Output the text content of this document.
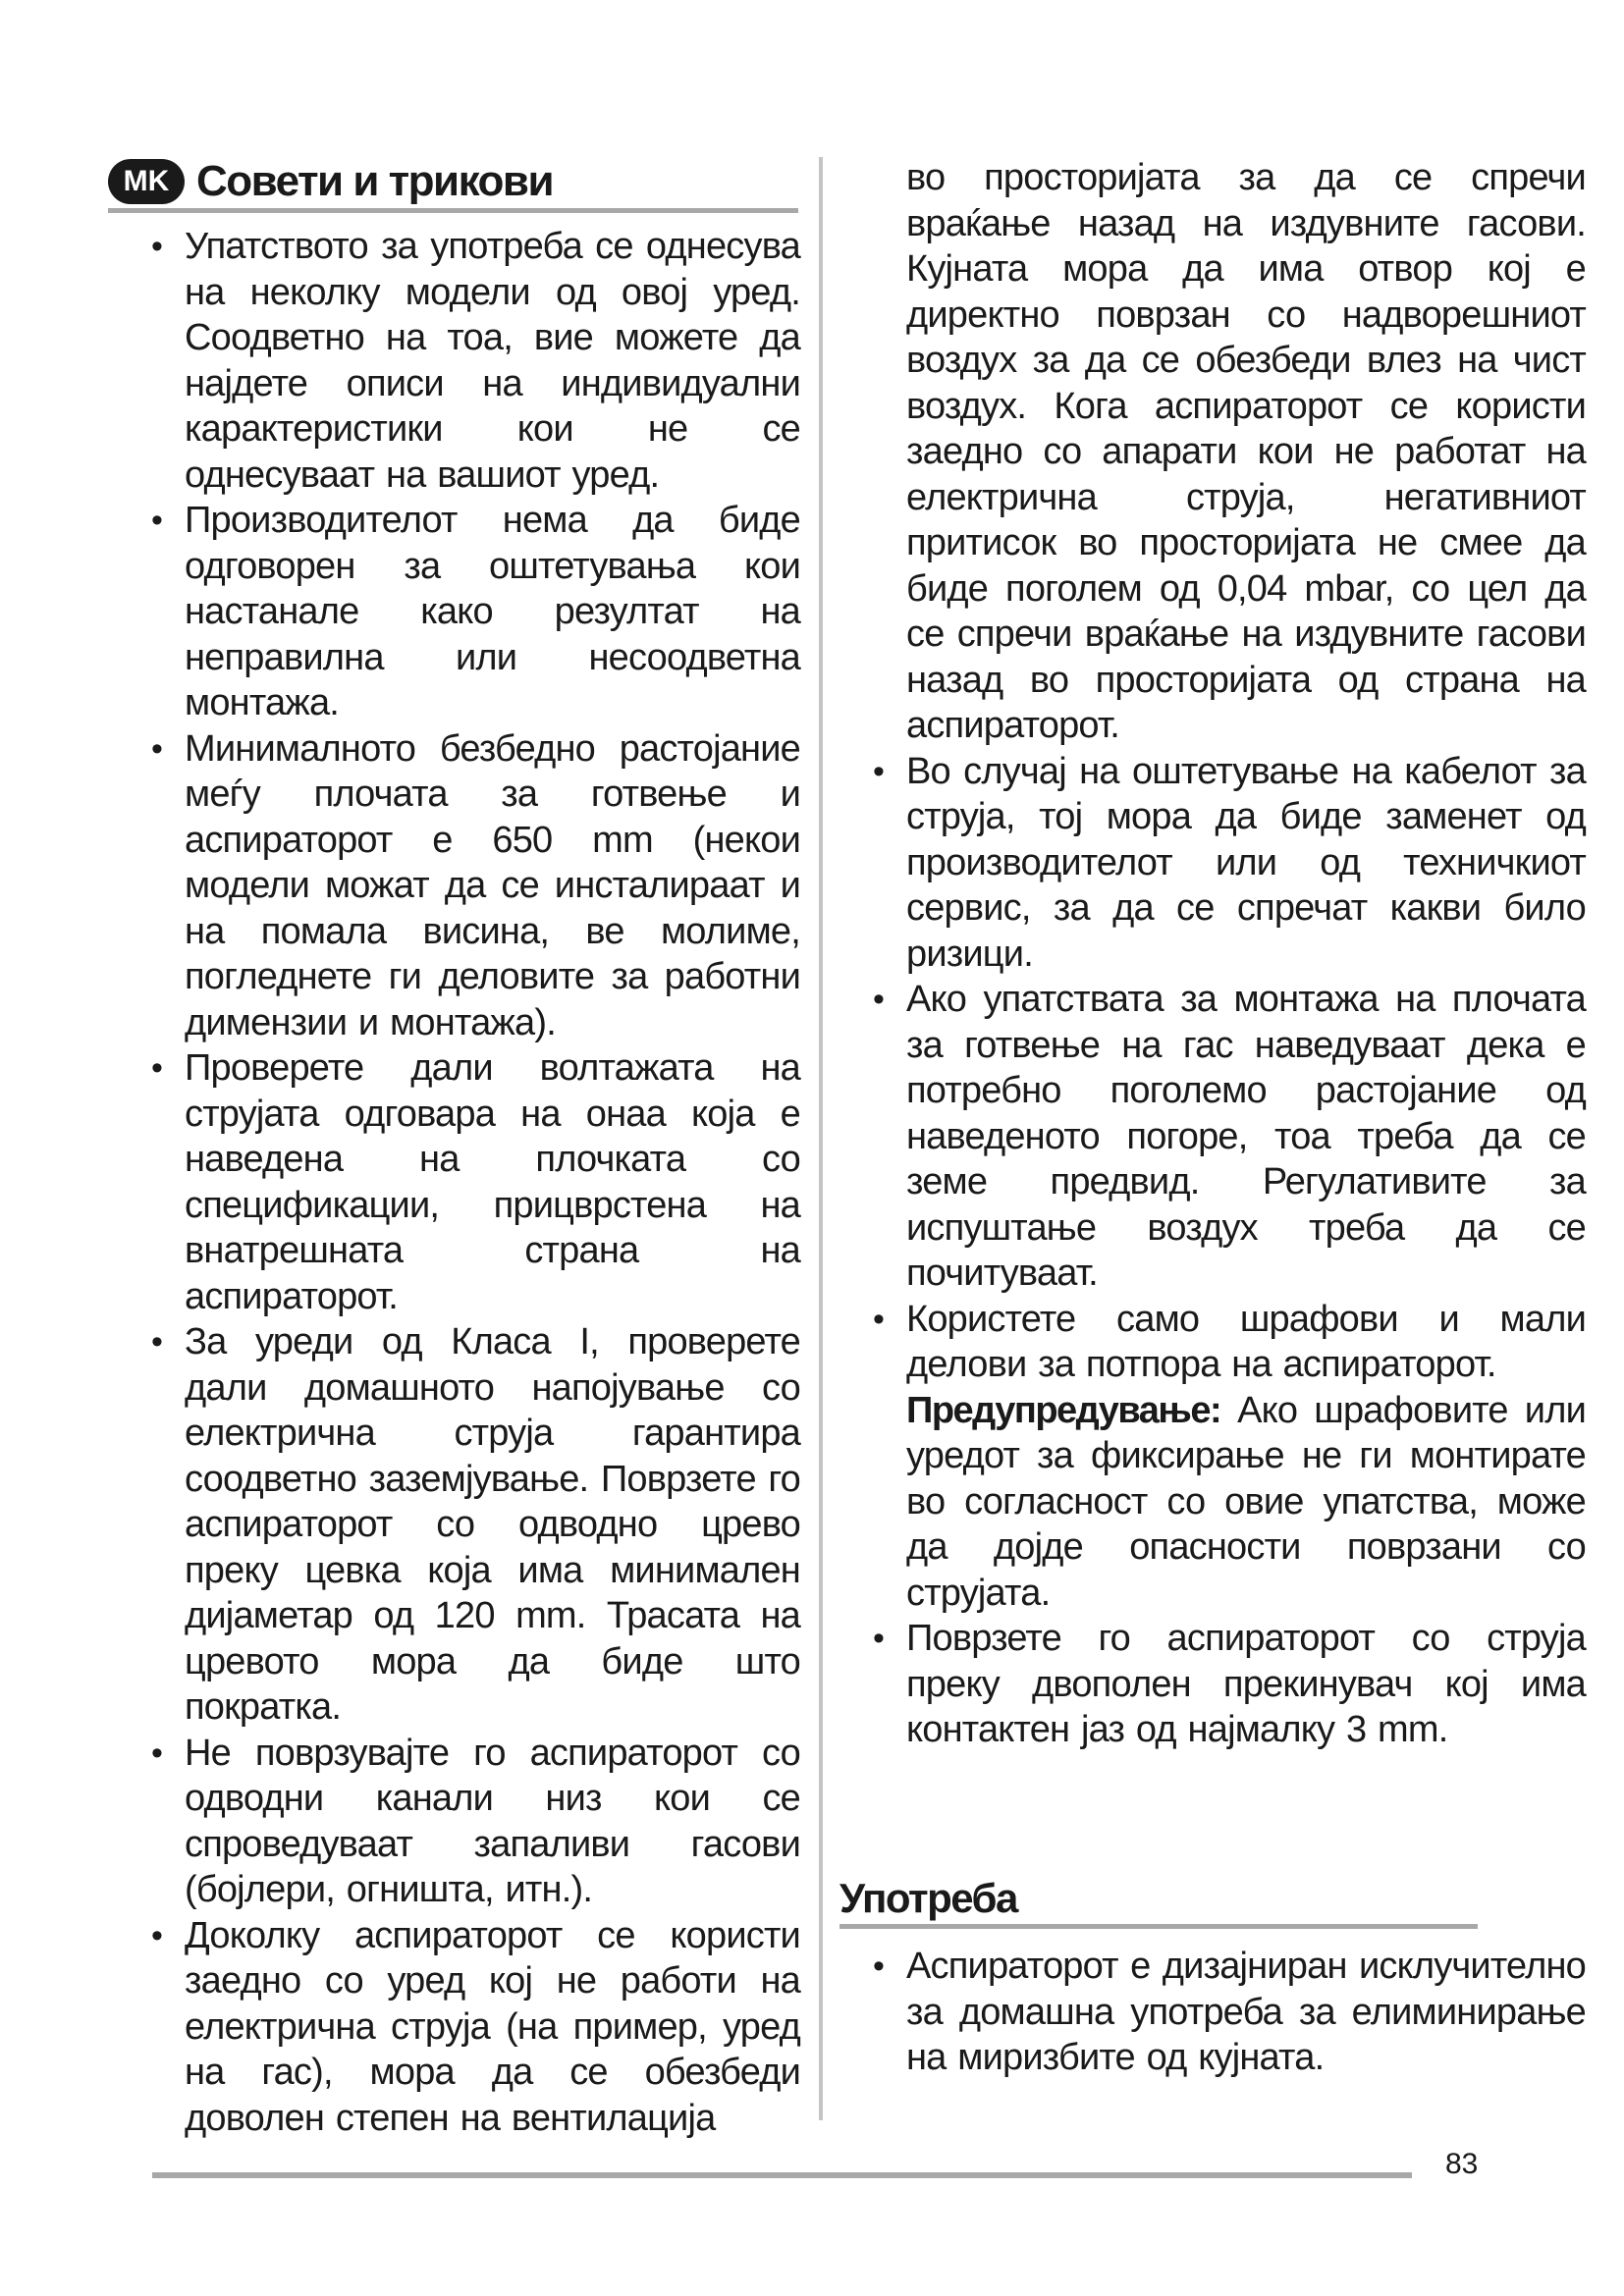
MK Совети и трикови
• Упатството за употреба се однесува на неколку модели од овој уред. Соодветно на тоа, вие можете да најдете описи на индивидуални карактеристики кои не се однесуваат на вашиот уред.
• Производителот нема да биде одговорен за оштетувања кои настанале како резултат на неправилна или несоодветна монтажа.
• Минималното безбедно растојание меѓу плочата за готвење и аспираторот е 650 mm (некои модели можат да се инсталираат и на помала висина, ве молиме, погледнете ги деловите за работни димензии и монтажа).
• Проверете дали волтажата на струјата одговара на онаа која е наведена на плочката со спецификации, прицврстена на внатрешната страна на аспираторот.
• За уреди од Класа I, проверете дали домашното напојување со електрична струја гарантира соодветно заземјување. Поврзете го аспираторот со одводно црево преку цевка која има минимален дијаметар од 120 mm. Трасата на цревото мора да биде што пократка.
• Не поврзувајте го аспираторот со одводни канали низ кои се спроведуваат запаливи гасови (бојлери, огништа, итн.).
• Доколку аспираторот се користи заедно со уред кој не работи на електрична струја (на пример, уред на гас), мора да се обезбеди доволен степен на вентилација
во просторијата за да се спречи враќање назад на издувните гасови. Кујната мора да има отвор кој е директно поврзан со надворешниот воздух за да се обезбеди влез на чист воздух. Кога аспираторот се користи заедно со апарати кои не работат на електрична струја, негативниот притисок во просторијата не смее да биде поголем од 0,04 mbar, со цел да се спречи враќање на издувните гасови назад во просторијата од страна на аспираторот.
• Во случај на оштетување на кабелот за струја, тој мора да биде заменет од производителот или од техничкиот сервис, за да се спречат какви било ризици.
• Ако упатствата за монтажа на плочата за готвење на гас наведуваат дека е потребно поголемо растојание од наведеното погоре, тоа треба да се земе предвид. Регулативите за испуштање воздух треба да се почитуваат.
• Користете само шрафови и мали делови за потпора на аспираторот.
Предупредување: Ако шрафовите или уредот за фиксирање не ги монтирате во согласност со овие упатства, може да дојде опасности поврзани со струјата.
• Поврзете го аспираторот со струја преку двополен прекинувач кој има контактен јаз од најмалку 3 mm.
Употреба
• Аспираторот е дизајниран исклучително за домашна употреба за елиминирање на миризбите од кујната.
83
